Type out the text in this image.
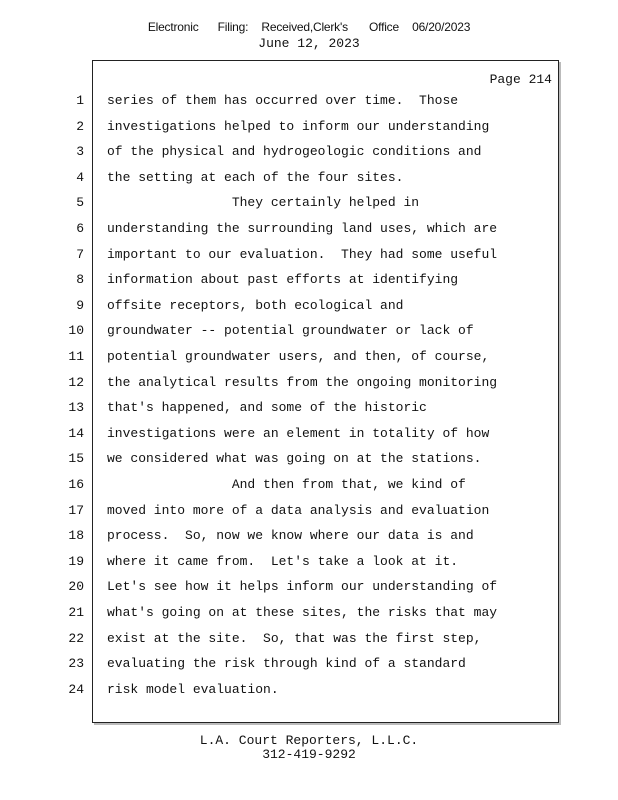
Electronic Filing: Received,Clerk's Office 06/20/2023
June 12, 2023
Page 214
1 series of them has occurred over time.  Those
2 investigations helped to inform our understanding
3 of the physical and hydrogeologic conditions and
4 the setting at each of the four sites.
5 They certainly helped in
6 understanding the surrounding land uses, which are
7 important to our evaluation.  They had some useful
8 information about past efforts at identifying
9 offsite receptors, both ecological and
10 groundwater -- potential groundwater or lack of
11 potential groundwater users, and then, of course,
12 the analytical results from the ongoing monitoring
13 that's happened, and some of the historic
14 investigations were an element in totality of how
15 we considered what was going on at the stations.
16 And then from that, we kind of
17 moved into more of a data analysis and evaluation
18 process.  So, now we know where our data is and
19 where it came from.  Let's take a look at it.
20 Let's see how it helps inform our understanding of
21 what's going on at these sites, the risks that may
22 exist at the site.  So, that was the first step,
23 evaluating the risk through kind of a standard
24 risk model evaluation.
L.A. Court Reporters, L.L.C.
312-419-9292
